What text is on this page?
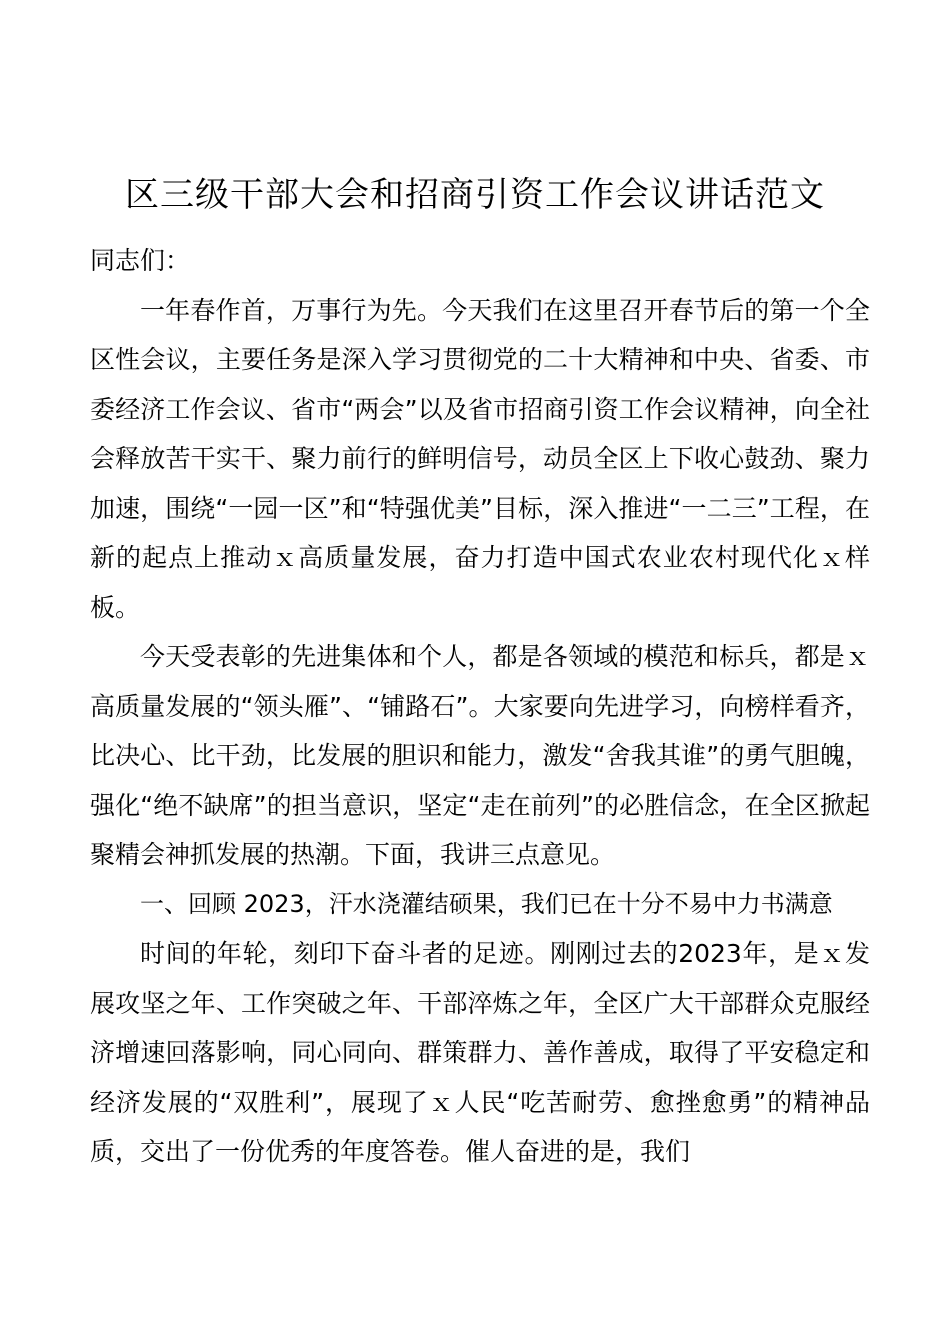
区三级干部大会和招商引资工作会议讲话范文

同志们：

一年春作首，万事行为先。今天我们在这里召开春节后的第一个全区性会议，主要任务是深入学习贯彻党的二十大精神和中央、省委、市委经济工作会议、省市“两会”以及省市招商引资工作会议精神，向全社会释放苦干实干、聚力前行的鲜明信号，动员全区上下收心鼓劲、聚力加速，围绕“一园一区”和“特强优美”目标，深入推进“一二三”工程，在新的起点上推动ｘ高质量发展，奋力打造中国式农业农村现代化ｘ样板。

今天受表彰的先进集体和个人，都是各领域的模范和标兵，都是ｘ高质量发展的“领头雁”、“铺路石”。大家要向先进学习，向榜样看齐，比决心、比干劲，比发展的胆识和能力，激发“舍我其谁”的勇气胆魄，强化“绝不缺席”的担当意识，坚定“走在前列”的必胜信念，在全区掀起聚精会神抓发展的热潮。下面，我讲三点意见。

一、回顾 2023，汗水浇灌结硕果，我们已在十分不易中力书满意

时间的年轮，刻印下奋斗者的足迹。刚刚过去的2023年，是ｘ发展攻坚之年、工作突破之年、干部淬炼之年，全区广大干部群众克服经济增速回落影响，同心同向、群策群力、善作善成，取得了平安稳定和经济发展的“双胜利”，展现了ｘ人民“吃苦耐劳、愈挫愈勇”的精神品质，交出了一份优秀的年度答卷。催人奋进的是，我们
